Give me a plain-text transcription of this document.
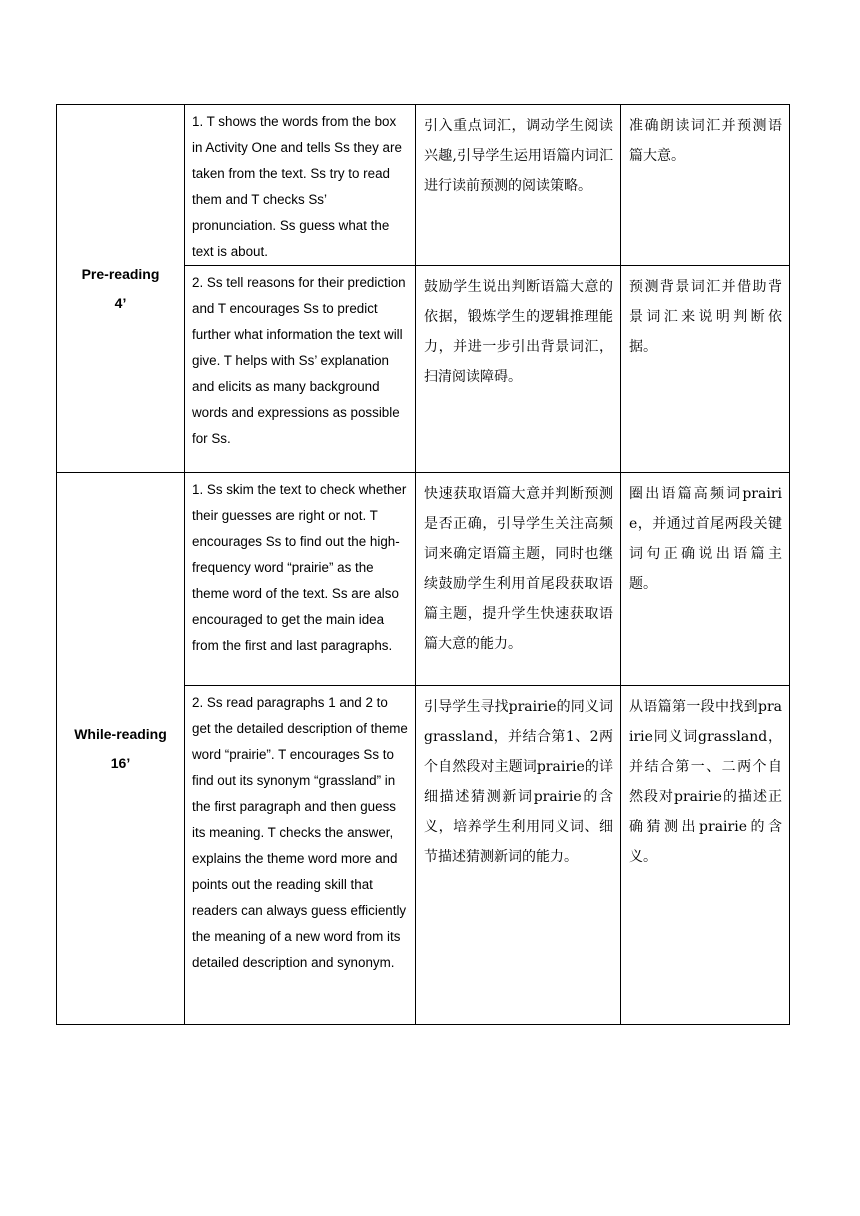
Pre-reading
4’	1. T shows the words from the box in Activity One and tells Ss they are taken from the text. Ss try to read them and T checks Ss’ pronunciation. Ss guess what the text is about.	引入重点词汇，调动学生阅读兴趣,引导学生运用语篇内词汇进行读前预测的阅读策略。	准确朗读词汇并预测语篇大意。

	2. Ss tell reasons for their prediction and T encourages Ss to predict further what information the text will give. T helps with Ss’ explanation and elicits as many background words and expressions as possible for Ss.	鼓励学生说出判断语篇大意的依据，锻炼学生的逻辑推理能力，并进一步引出背景词汇，扫清阅读障碍。	预测背景词汇并借助背景词汇来说明判断依据。

While-reading
16’	1. Ss skim the text to check whether their guesses are right or not. T encourages Ss to find out the high-frequency word “prairie” as the theme word of the text. Ss are also encouraged to get the main idea from the first and last paragraphs.	快速获取语篇大意并判断预测是否正确，引导学生关注高频词来确定语篇主题，同时也继续鼓励学生利用首尾段获取语篇主题，提升学生快速获取语篇大意的能力。	圈出语篇高频词prairie，并通过首尾两段关键词句正确说出语篇主题。

	2. Ss read paragraphs 1 and 2 to get the detailed description of theme word “prairie”. T encourages Ss to find out its synonym “grassland” in the first paragraph and then guess its meaning. T checks the answer, explains the theme word more and points out the reading skill that readers can always guess efficiently the meaning of a new word from its detailed description and synonym.	引导学生寻找prairie的同义词grassland，并结合第1、2两个自然段对主题词prairie的详细描述猜测新词prairie的含义，培养学生利用同义词、细节描述猜测新词的能力。	从语篇第一段中找到prairie同义词grassland，并结合第一、二两个自然段对prairie的描述正确猜测出prairie的含义。
